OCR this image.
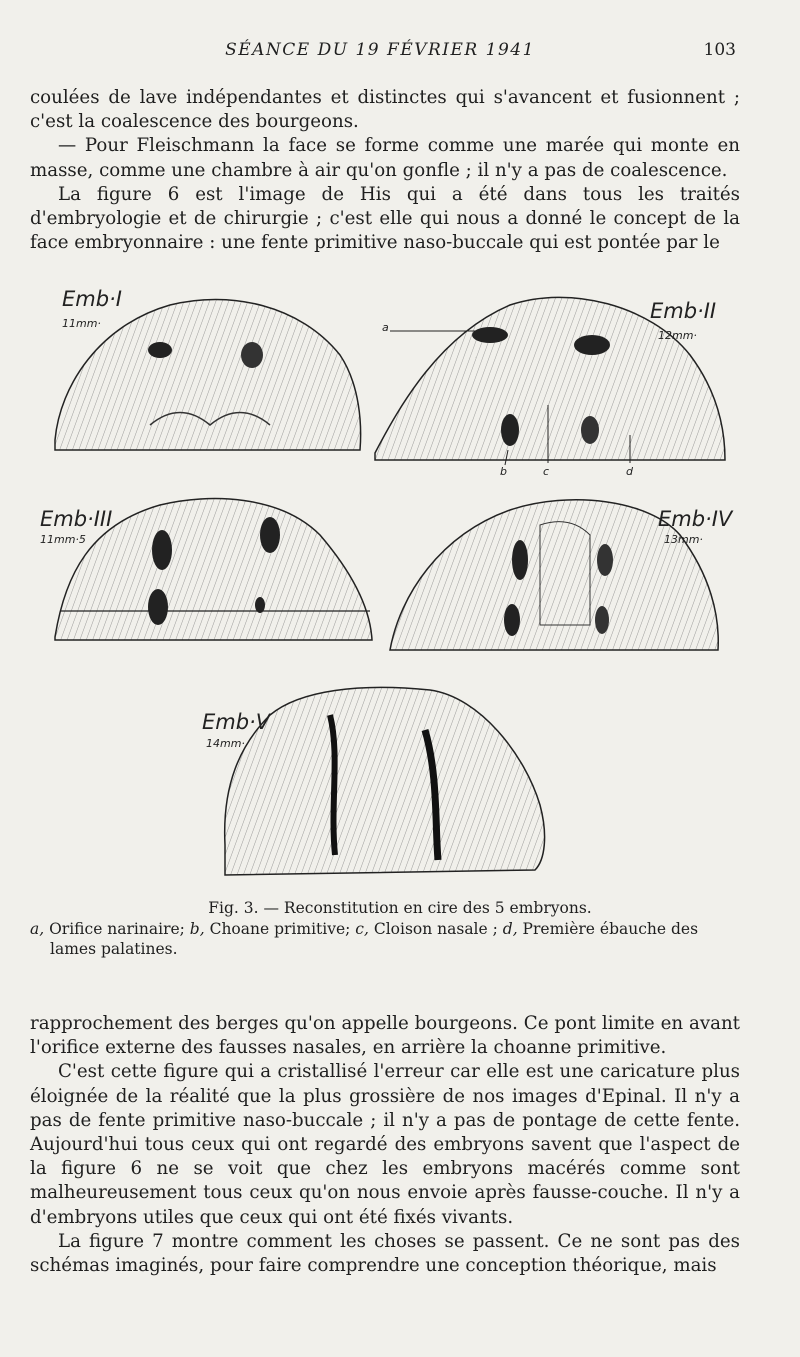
SÉANCE DU 19 FÉVRIER 1941	103

coulées de lave indépendantes et distinctes qui s'avancent et fusionnent ; c'est la coalescence des bourgeons.

— Pour Fleischmann la face se forme comme une marée qui monte en masse, comme une chambre à air qu'on gonfle ; il n'y a pas de coalescence.

La figure 6 est l'image de His qui a été dans tous les traités d'embryologie et de chirurgie ; c'est elle qui nous a donné le concept de la face embryonnaire : une fente primitive naso-buccale qui est pontée par le

Emb·I
11mm·
Emb·II
12mm·
Emb·III
11mm·5
Emb·IV
13mm·
Emb·V
14mm·
a
b	c	d
Fig. 3. — Reconstitution en cire des 5 embryons.

a, Orifice narinaire; b, Choane primitive; c, Cloison nasale ; d, Première ébauche des lames palatines.

rapprochement des berges qu'on appelle bourgeons. Ce pont limite en avant l'orifice externe des fausses nasales, en arrière la choanne primitive.

C'est cette figure qui a cristallisé l'erreur car elle est une caricature plus éloignée de la réalité que la plus grossière de nos images d'Epinal. Il n'y a pas de fente primitive naso-buccale ; il n'y a pas de pontage de cette fente. Aujourd'hui tous ceux qui ont regardé des embryons savent que l'aspect de la figure 6 ne se voit que chez les embryons macérés comme sont malheureusement tous ceux qu'on nous envoie après fausse-couche. Il n'y a d'embryons utiles que ceux qui ont été fixés vivants.

La figure 7 montre comment les choses se passent. Ce ne sont pas des schémas imaginés, pour faire comprendre une conception théorique, mais
